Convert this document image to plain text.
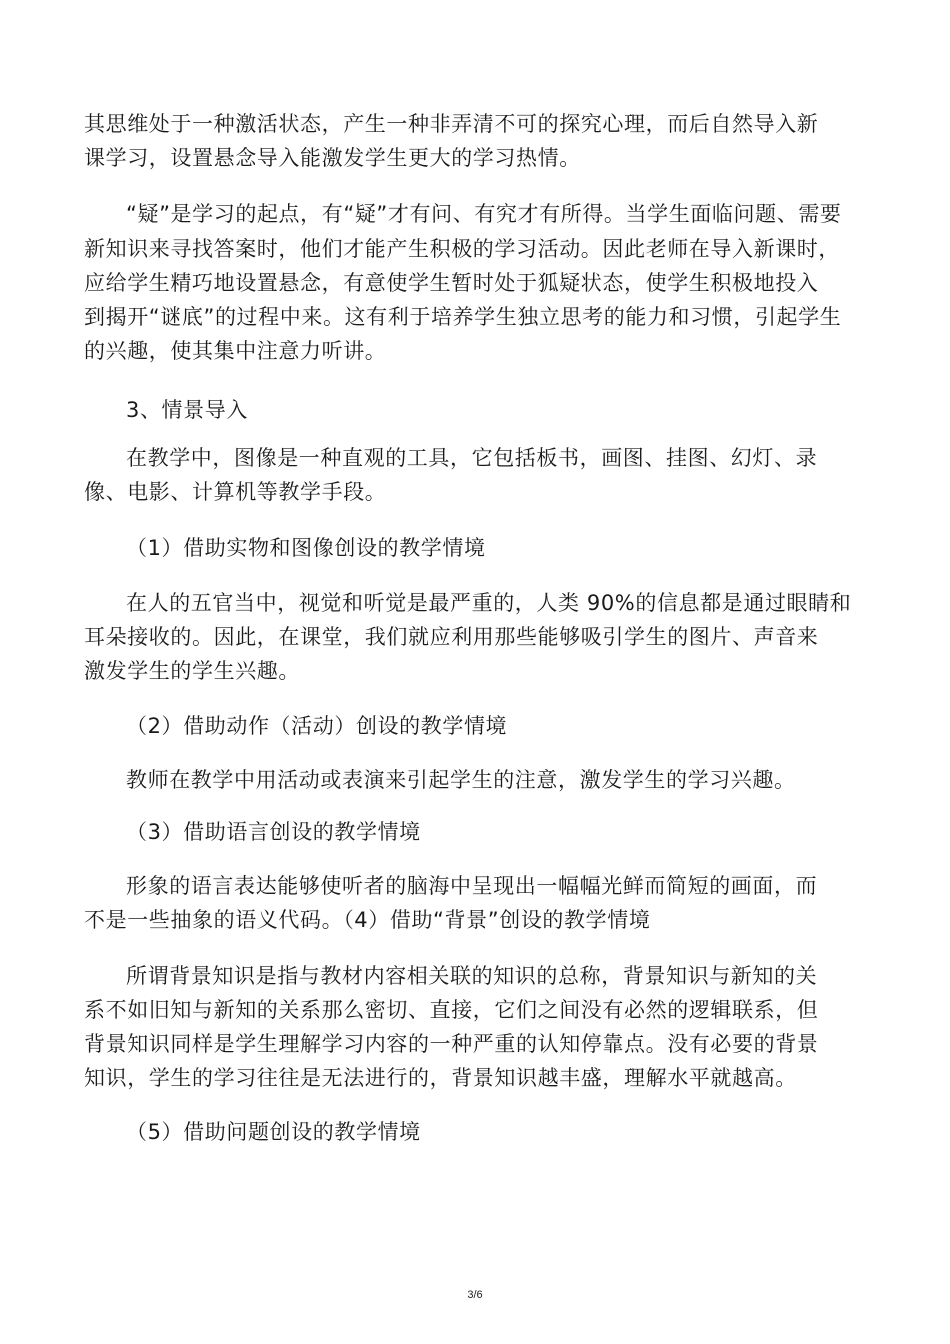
其思维处于一种激活状态，产生一种非弄清不可的探究心理，而后自然导入新

课学习，设置悬念导入能激发学生更大的学习热情。

“疑”是学习的起点，有“疑”才有问、有究才有所得。当学生面临问题、需要

新知识来寻找答案时，他们才能产生积极的学习活动。因此老师在导入新课时，

应给学生精巧地设置悬念，有意使学生暂时处于狐疑状态，使学生积极地投入

到揭开“谜底”的过程中来。这有利于培养学生独立思考的能力和习惯，引起学生

的兴趣，使其集中注意力听讲。

3、情景导入

在教学中，图像是一种直观的工具，它包括板书，画图、挂图、幻灯、录

像、电影、计算机等教学手段。

（1）借助实物和图像创设的教学情境

在人的五官当中，视觉和听觉是最严重的，人类 90%的信息都是通过眼睛和

耳朵接收的。因此，在课堂，我们就应利用那些能够吸引学生的图片、声音来

激发学生的学生兴趣。

（2）借助动作（活动）创设的教学情境

教师在教学中用活动或表演来引起学生的注意，激发学生的学习兴趣。

（3）借助语言创设的教学情境

形象的语言表达能够使听者的脑海中呈现出一幅幅光鲜而简短的画面，而

不是一些抽象的语义代码。（4）借助“背景”创设的教学情境

所谓背景知识是指与教材内容相关联的知识的总称，背景知识与新知的关

系不如旧知与新知的关系那么密切、直接，它们之间没有必然的逻辑联系，但

背景知识同样是学生理解学习内容的一种严重的认知停靠点。没有必要的背景

知识，学生的学习往往是无法进行的，背景知识越丰盛，理解水平就越高。

（5）借助问题创设的教学情境

3/6
